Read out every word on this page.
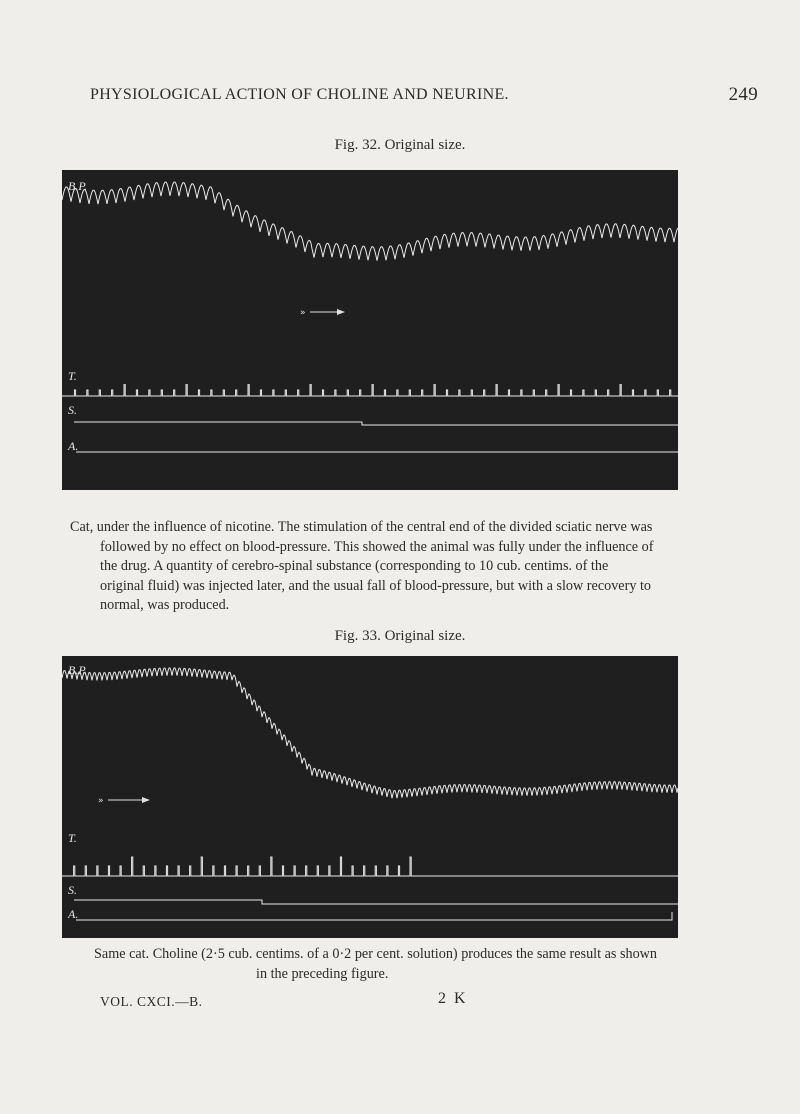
PHYSIOLOGICAL ACTION OF CHOLINE AND NEURINE.	249
Fig. 32. Original size.
B.P.
»
T.
S.
A.
Cat, under the influence of nicotine. The stimulation of the central end of the divided sciatic nerve was
followed by no effect on blood-pressure. This showed the animal was fully under the influence of
the drug. A quantity of cerebro-spinal substance (corresponding to 10 cub. centims. of the
original fluid) was injected later, and the usual fall of blood-pressure, but with a slow recovery to
normal, was produced.
Fig. 33. Original size.
B.P.
»
T.
S.
A.
Same cat. Choline (2·5 cub. centims. of a 0·2 per cent. solution) produces the same result as shown
in the preceding figure.
VOL. CXCI.—B.	2 K
